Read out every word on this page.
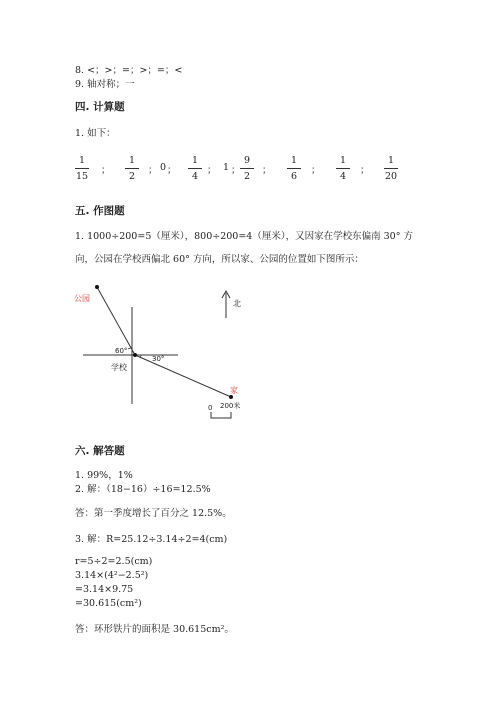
8. <；>；=；>；=；<
9. 轴对称；一
四. 计算题
1. 如下：
1
15
；
1
2
； 0 ；
1
4
； 1 ；
9
2
；
1
6
；
1
4
；
1
20
五. 作图题
1. 1000÷200=5（厘米），800÷200=4（厘米），又因家在学校东偏南 30° 方
向，公园在学校西偏北 60° 方向，所以家、公园的位置如下图所示：
公园
学校
家
北
60°
30°
0 200米
六. 解答题
1. 99%，1%
2. 解：（18−16）÷16=12.5%
答：第一季度增长了百分之 12.5%。
3. 解：R=25.12÷3.14÷2=4(cm)
r=5÷2=2.5(cm)
3.14×(4²−2.5²)
=3.14×9.75
=30.615(cm²)
答：环形铁片的面积是 30.615cm²。
